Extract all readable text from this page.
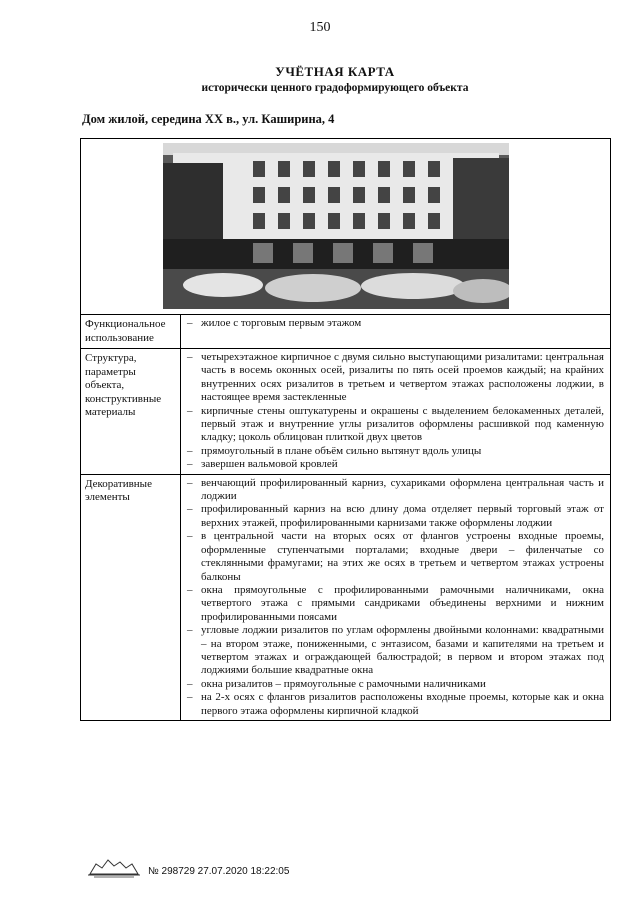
150
УЧЁТНАЯ КАРТА
исторически ценного градоформирующего объекта
Дом жилой, середина XX в., ул. Каширина, 4
Функциональное использование
– жилое с торговым первым этажом
Структура, параметры объекта, конструктивные материалы
– четырехэтажное кирпичное с двумя сильно выступающими ризалитами: центральная часть в восемь оконных осей, ризалиты по пять осей проемов каждый; на крайних внутренних осях ризалитов в третьем и четвертом этажах расположены лоджии, в настоящее время застекленные
– кирпичные стены оштукатурены и окрашены с выделением белокаменных деталей, первый этаж и внутренние углы ризалитов оформлены расшивкой под каменную кладку; цоколь облицован плиткой двух цветов
– прямоугольный в плане объём сильно вытянут вдоль улицы
– завершен вальмовой кровлей
Декоративные элементы
– венчающий профилированный карниз, сухариками оформлена центральная часть и лоджии
– профилированный карниз на всю длину дома отделяет первый торговый этаж от верхних этажей, профилированными карнизами также оформлены лоджии
– в центральной части на вторых осях от флангов устроены входные проемы, оформленные ступенчатыми порталами; входные двери – филенчатые со стеклянными фрамугами; на этих же осях в третьем и четвертом этажах устроены балконы
– окна прямоугольные с профилированными рамочными наличниками, окна четвертого этажа с прямыми сандриками объединены верхними и нижним профилированными поясами
– угловые лоджии ризалитов по углам оформлены двойными колоннами: квадратными – на втором этаже, пониженными, с энтазисом, базами и капителями на третьем и четвертом этажах и ограждающей балюстрадой; в первом и втором этажах под лоджиями большие квадратные окна
– окна ризалитов – прямоугольные с рамочными наличниками
– на 2-х осях с флангов ризалитов расположены входные проемы, которые как и окна первого этажа оформлены кирпичной кладкой
№ 298729 27.07.2020 18:22:05
